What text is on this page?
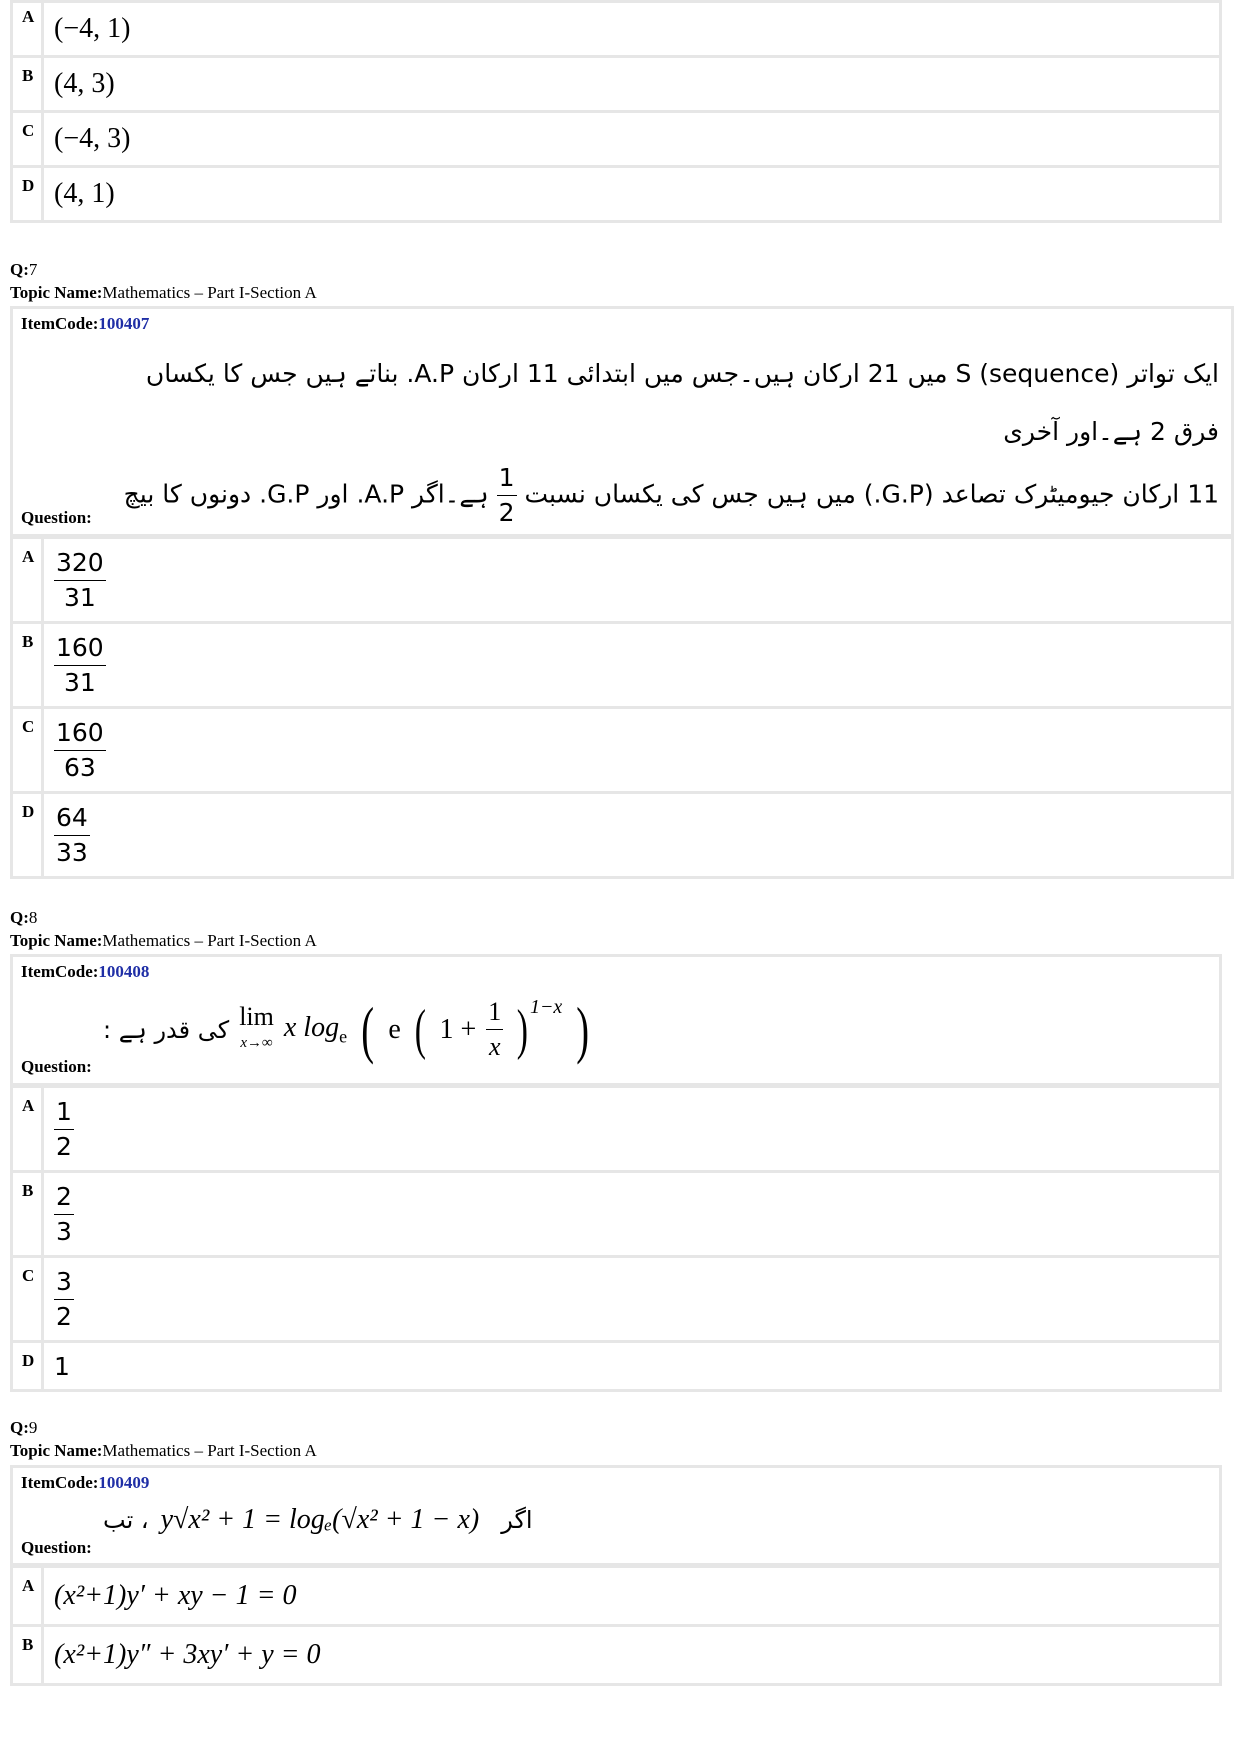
A (−4, 1)
B (4, 3)
C (−4, 3)
D (4, 1)
Q:7
Topic Name:Mathematics – Part I-Section A
ItemCode:100407
ایک تواتر (sequence) S میں 21 ارکان ہیں۔جس میں ابتدائی 11 ارکان A.P. بناتے ہیں جس کا یکساں فرق 2 ہے۔اور آخری
11 ارکان جیومیٹرک تصاعد (G.P.) میں ہیں جس کی یکساں نسبت
$\frac{1}{2}$
ہے۔اگر A.P. اور G.P. دونوں کا بیچ
Question:
A $\frac{320}{31}$
B $\frac{160}{31}$
C $\frac{160}{63}$
D $\frac{64}{33}$
Q:8
Topic Name:Mathematics – Part I-Section A
ItemCode:100408
کی قدر ہے : lim
x→∞ x $\log_e$ ( e ( $1 + \frac{1}{x} )^{1-x}$ )
Question:
A $\frac{1}{2}$
B $\frac{2}{3}$
C $\frac{3}{2}$
D 1
Q:9
Topic Name:Mathematics – Part I-Section A
ItemCode:100409
، تب y√x² + 1 = logₑ(√x² + 1 − x) اگر
Question:
A (x²+1)y′ + xy − 1 = 0
B (x²+1)y″ + 3xy′ + y = 0
